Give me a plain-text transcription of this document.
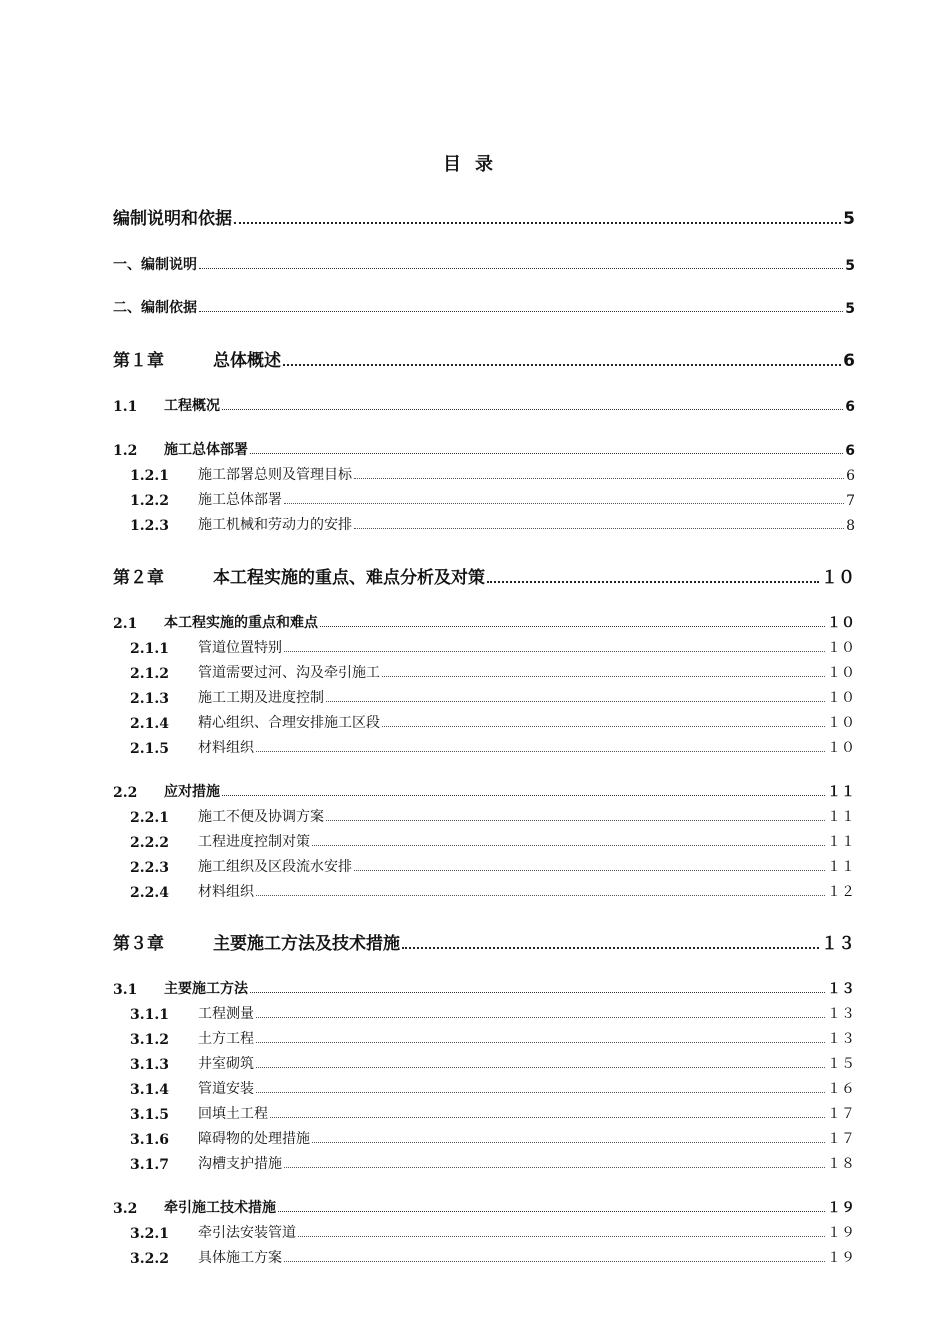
目录
编制说明和依据	5
一、编制说明	5
二、编制依据	5
第１章	总体概述	6
1.1	工程概况	6
1.2	施工总体部署	6
1.2.1	施工部署总则及管理目标	6
1.2.2	施工总体部署	7
1.2.3	施工机械和劳动力的安排	8
第２章	本工程实施的重点、难点分析及对策	１０
2.1	本工程实施的重点和难点	１０
2.1.1	管道位置特别	１０
2.1.2	管道需要过河、沟及牵引施工	１０
2.1.3	施工工期及进度控制	１０
2.1.4	精心组织、合理安排施工区段	１０
2.1.5	材料组织	１０
2.2	应对措施	１１
2.2.1	施工不便及协调方案	１１
2.2.2	工程进度控制对策	１１
2.2.3	施工组织及区段流水安排	１１
2.2.4	材料组织	１２
第３章	主要施工方法及技术措施	１３
3.1	主要施工方法	１３
3.1.1	工程测量	１３
3.1.2	土方工程	１３
3.1.3	井室砌筑	１５
3.1.4	管道安装	１６
3.1.5	回填土工程	１７
3.1.6	障碍物的处理措施	１７
3.1.7	沟槽支护措施	１８
3.2	牵引施工技术措施	１９
3.2.1	牵引法安装管道	１９
3.2.2	具体施工方案	１９
